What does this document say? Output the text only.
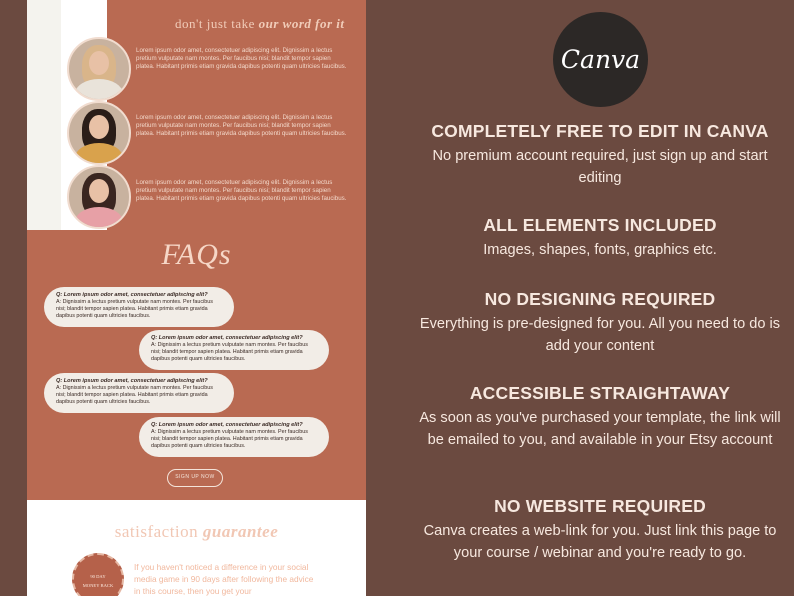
don't just take our word for it
Lorem ipsum odor amet, consectetuer adipiscing elit. Dignissim a lectus pretium vulputate nam montes. Per faucibus nisi; blandit tempor sapien platea. Habitant primis etiam gravida dapibus potenti quam ultricies faucibus.
Lorem ipsum odor amet, consectetuer adipiscing elit. Dignissim a lectus pretium vulputate nam montes. Per faucibus nisi; blandit tempor sapien platea. Habitant primis etiam gravida dapibus potenti quam ultricies faucibus.
Lorem ipsum odor amet, consectetuer adipiscing elit. Dignissim a lectus pretium vulputate nam montes. Per faucibus nisi; blandit tempor sapien platea. Habitant primis etiam gravida dapibus potenti quam ultricies faucibus.
FAQs
Q: Lorem ipsum odor amet, consectetuer adipiscing elit?
A: Dignissim a lectus pretium vulputate nam montes. Per faucibus nisi; blandit tempor sapien platea. Habitant primis etiam gravida dapibus potenti quam ultricies faucibus.
Q: Lorem ipsum odor amet, consectetuer adipiscing elit?
A: Dignissim a lectus pretium vulputate nam montes. Per faucibus nisi; blandit tempor sapien platea. Habitant primis etiam gravida dapibus potenti quam ultricies faucibus.
Q: Lorem ipsum odor amet, consectetuer adipiscing elit?
A: Dignissim a lectus pretium vulputate nam montes. Per faucibus nisi; blandit tempor sapien platea. Habitant primis etiam gravida dapibus potenti quam ultricies faucibus.
Q: Lorem ipsum odor amet, consectetuer adipiscing elit?
A: Dignissim a lectus pretium vulputate nam montes. Per faucibus nisi; blandit tempor sapien platea. Habitant primis etiam gravida dapibus potenti quam ultricies faucibus.
SIGN UP NOW
satisfaction guarantee
90 DAY
MONEY BACK
If you haven't noticed a difference in your social media game in 90 days after following the advice in this course, then you get your
Canva
COMPLETELY FREE TO EDIT IN CANVA
No premium account required, just sign up and start editing
ALL ELEMENTS INCLUDED
Images, shapes, fonts, graphics etc.
NO DESIGNING REQUIRED
Everything is pre-designed for you. All you need to do is add your content
ACCESSIBLE STRAIGHTAWAY
As soon as you've purchased your template, the link will be emailed to you, and available in your Etsy account
NO WEBSITE REQUIRED
Canva creates a web-link for you. Just link this page to your course / webinar and you're ready to go.
